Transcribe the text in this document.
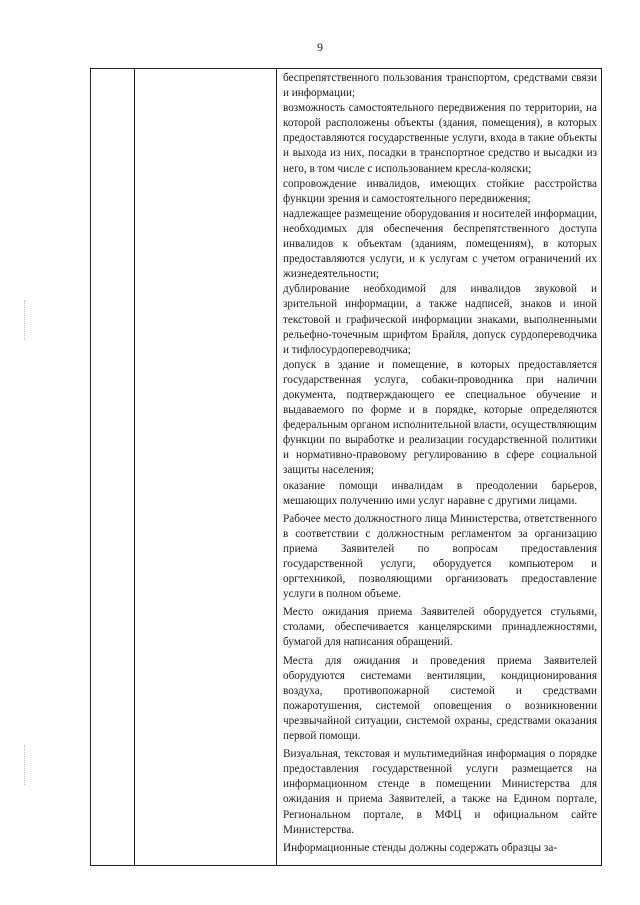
9

беспрепятственного пользования транспортом, средствами связи и информации;

возможность самостоятельного передвижения по территории, на которой расположены объекты (здания, помещения), в которых предоставляются государственные услуги, входа в такие объекты и выхода из них, посадки в транспортное средство и высадки из него, в том числе с использованием кресла-коляски;

сопровождение инвалидов, имеющих стойкие расстройства функции зрения и самостоятельного передвижения;

надлежащее размещение оборудования и носителей информации, необходимых для обеспечения беспрепятственного доступа инвалидов к объектам (зданиям, помещениям), в которых предоставляются услуги, и к услугам с учетом ограничений их жизнедеятельности;

дублирование необходимой для инвалидов звуковой и зрительной информации, а также надписей, знаков и иной текстовой и графической информации знаками, выполненными рельефно-точечным шрифтом Брайля, допуск сурдопереводчика и тифлосурдопереводчика;

допуск в здание и помещение, в которых предоставляется государственная услуга, собаки-проводника при наличии документа, подтверждающего ее специальное обучение и выдаваемого по форме и в порядке, которые определяются федеральным органом исполнительной власти, осуществляющим функции по выработке и реализации государственной политики и нормативно-правовому регулированию в сфере социальной защиты населения;

оказание помощи инвалидам в преодолении барьеров, мешающих получению ими услуг наравне с другими лицами.

Рабочее место должностного лица Министерства, ответственного в соответствии с должностным регламентом за организацию приема Заявителей по вопросам предоставления государственной услуги, оборудуется компьютером и оргтехникой, позволяющими организовать предоставление услуги в полном объеме.

Место ожидания приема Заявителей оборудуется стульями, столами, обеспечивается канцелярскими принадлежностями, бумагой для написания обращений.

Места для ожидания и проведения приема Заявителей оборудуются системами вентиляции, кондиционирования воздуха, противопожарной системой и средствами пожаротушения, системой оповещения о возникновении чрезвычайной ситуации, системой охраны, средствами оказания первой помощи.

Визуальная, текстовая и мультимедийная информация о порядке предоставления государственной услуги размещается на информационном стенде в помещении Министерства для ожидания и приема Заявителей, а также на Едином портале, Региональном портале, в МФЦ и официальном сайте Министерства.

Информационные стенды должны содержать образцы за-
